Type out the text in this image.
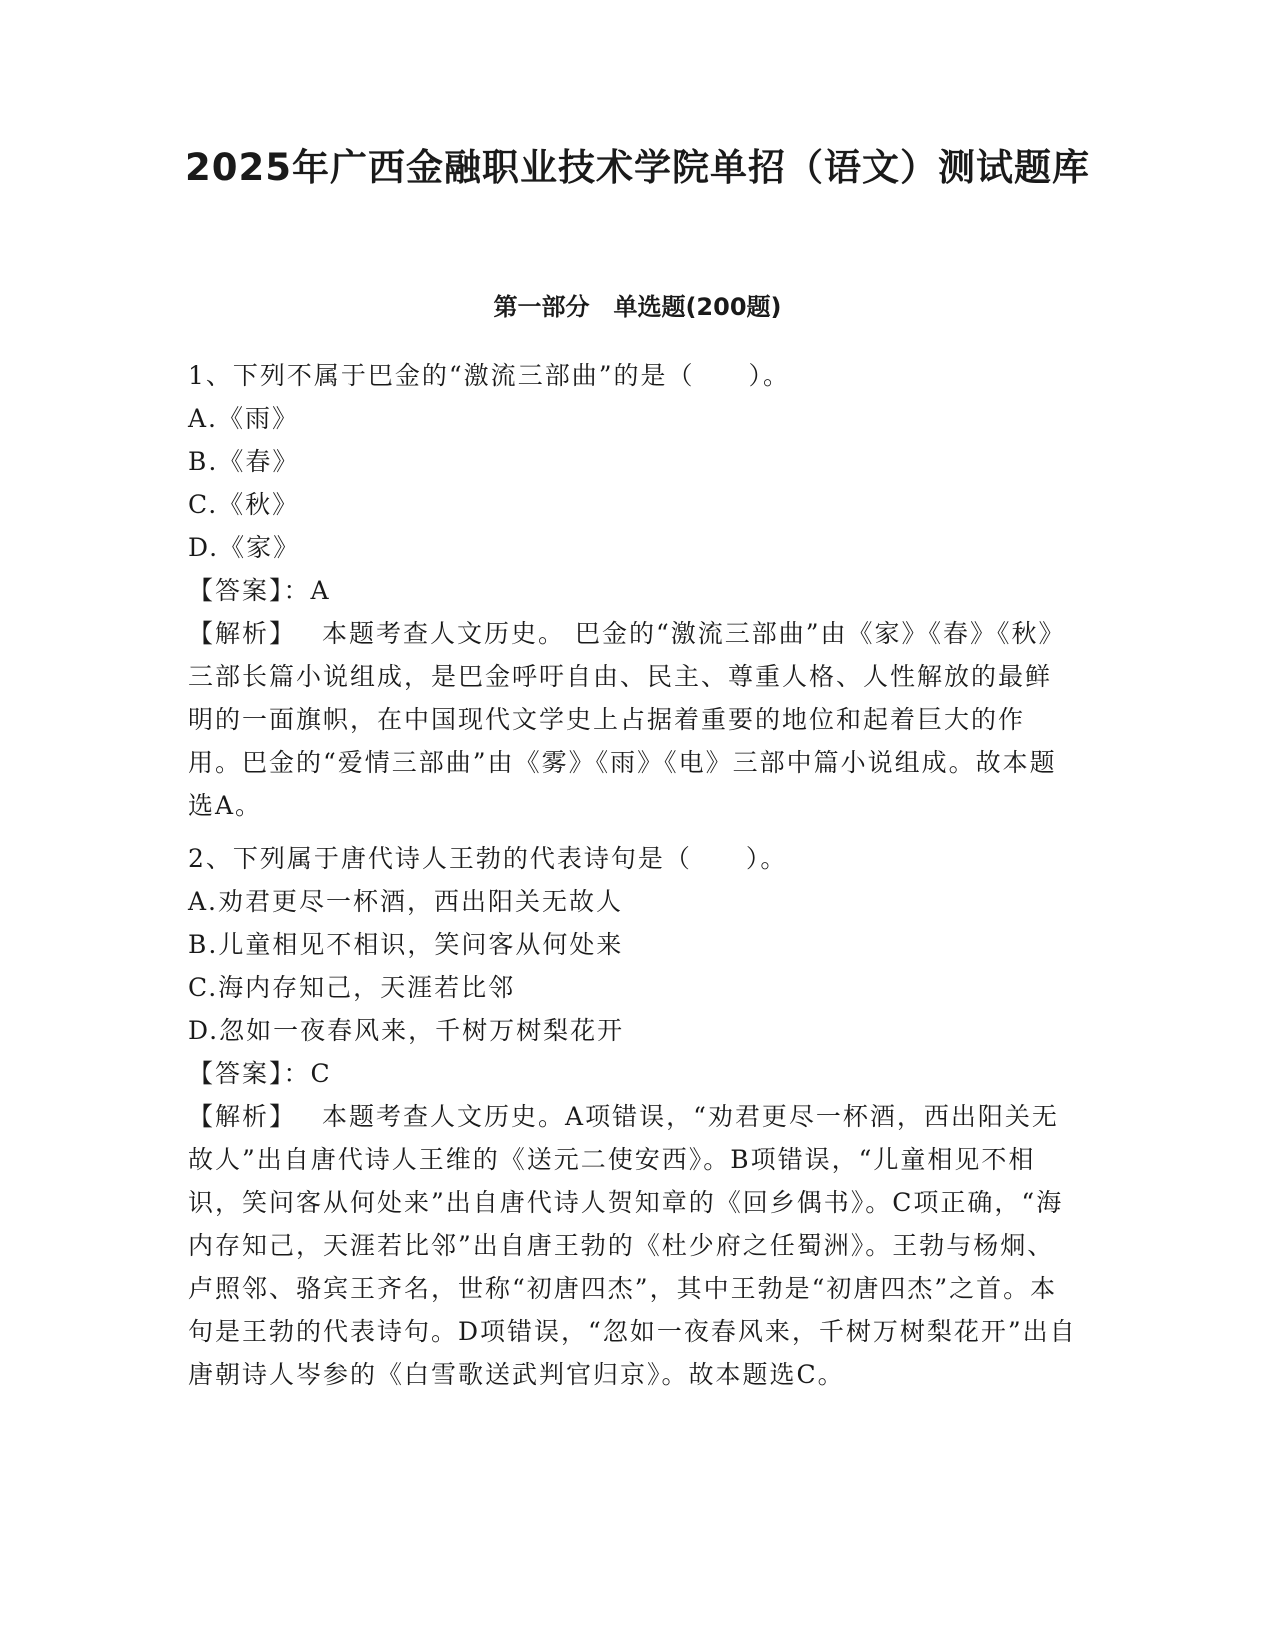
2025年广西金融职业技术学院单招（语文）测试题库
第一部分　单选题(200题)
1、下列不属于巴金的“激流三部曲”的是（　　）。
A.《雨》
B.《春》
C.《秋》
D.《家》
【答案】：A
【解析】 本题考查人文历史。 巴金的“激流三部曲”由《家》《春》《秋》三部长篇小说组成，是巴金呼吁自由、民主、尊重人格、人性解放的最鲜明的一面旗帜，在中国现代文学史上占据着重要的地位和起着巨大的作用。巴金的“爱情三部曲”由《雾》《雨》《电》三部中篇小说组成。故本题选A。
2、下列属于唐代诗人王勃的代表诗句是（　　）。
A.劝君更尽一杯酒，西出阳关无故人
B.儿童相见不相识，笑问客从何处来
C.海内存知己，天涯若比邻
D.忽如一夜春风来，千树万树梨花开
【答案】：C
【解析】 本题考查人文历史。A项错误，“劝君更尽一杯酒，西出阳关无故人”出自唐代诗人王维的《送元二使安西》。B项错误，“儿童相见不相识，笑问客从何处来”出自唐代诗人贺知章的《回乡偶书》。C项正确，“海内存知己，天涯若比邻”出自唐王勃的《杜少府之任蜀洲》。王勃与杨炯、卢照邻、骆宾王齐名，世称“初唐四杰”，其中王勃是“初唐四杰”之首。本句是王勃的代表诗句。D项错误，“忽如一夜春风来，千树万树梨花开”出自唐朝诗人岑参的《白雪歌送武判官归京》。故本题选C。
